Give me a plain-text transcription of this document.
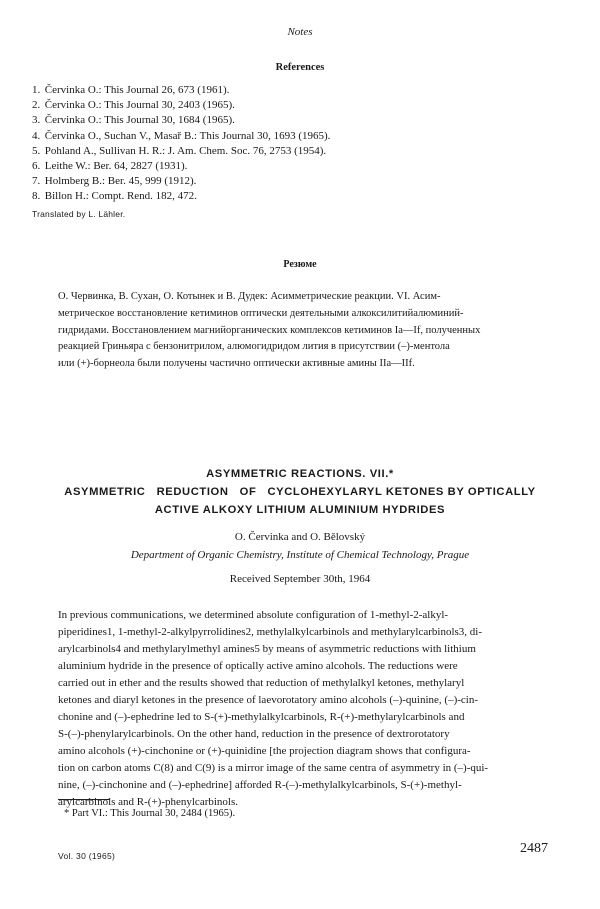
Notes
References
1. Červinka O.: This Journal 26, 673 (1961).
2. Červinka O.: This Journal 30, 2403 (1965).
3. Červinka O.: This Journal 30, 1684 (1965).
4. Červinka O., Suchan V., Masař B.: This Journal 30, 1693 (1965).
5. Pohland A., Sullivan H. R.: J. Am. Chem. Soc. 76, 2753 (1954).
6. Leithe W.: Ber. 64, 2827 (1931).
7. Holmberg B.: Ber. 45, 999 (1912).
8. Billon H.: Compt. Rend. 182, 472.
Translated by L. Lähler.
Резюме
О. Червинка, В. Сухан, О. Котынек и В. Дудек: Асимметрические реакции. VI. Асим-
метрическое восстановление кетиминов оптически деятельными алкоксилитийалюминий-
гидридами. Восстановлением магнийорганических комплексов кетиминов Ia—If, полученных
реакцией Гриньяра с бензонитрилом, алюмогидридом лития в присутствии (–)-ментола
или (+)-борнеола были получены частично оптически активные амины IIa—IIf.
ASYMMETRIC REACTIONS. VII.*
ASYMMETRIC   REDUCTION   OF   CYCLOHEXYLARYL KETONES BY OPTICALLY
ACTIVE ALKOXY LITHIUM ALUMINIUM HYDRIDES
O. Červinka and O. Bělovský
Department of Organic Chemistry, Institute of Chemical Technology, Prague
Received September 30th, 1964
In previous communications, we determined absolute configuration of 1-methyl-2-alkyl-
piperidines1, 1-methyl-2-alkylpyrrolidines2, methylalkylcarbinols and methylarylcarbinols3, di-
arylcarbinols4 and methylarylmethyl amines5 by means of asymmetric reductions with lithium
aluminium hydride in the presence of optically active amino alcohols. The reductions were
carried out in ether and the results showed that reduction of methylalkyl ketones, methylaryl
ketones and diaryl ketones in the presence of laevorotatory amino alcohols (–)-quinine, (–)-cin-
chonine and (–)-ephedrine led to S-(+)-methylalkylcarbinols, R-(+)-methylarylcarbinols and
S-(–)-phenylarylcarbinols. On the other hand, reduction in the presence of dextrorotatory
amino alcohols (+)-cinchonine or (+)-quinidine [the projection diagram shows that configura-
tion on carbon atoms C(8) and C(9) is a mirror image of the same centra of asymmetry in (–)-qui-
nine, (–)-cinchonine and (–)-ephedrine] afforded R-(–)-methylalkylcarbinols, S-(+)-methyl-
arylcarbinols and R-(+)-phenylcarbinols.
* Part VI.: This Journal 30, 2484 (1965).
Vol. 30 (1965)	2487
